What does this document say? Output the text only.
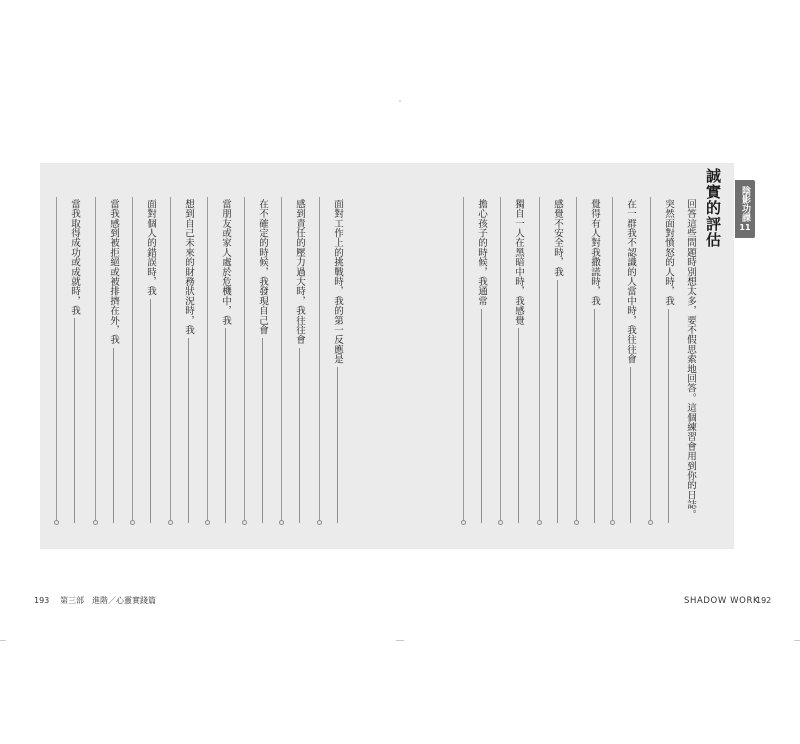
陰影功課
11
誠實的評估
回答這些問題時別想太多，要不假思索地回答。這個練習會用到你的日誌。
突然面對憤怒的人時，我
在一群我不認識的人當中時，我往往會
覺得有人對我撒謊時，我
感覺不安全時，我
獨自一人在黑暗中時，我感覺
擔心孩子的時候，我通常
面對工作上的挑戰時，我的第一反應是
感到責任的壓力過大時，我往往會
在不確定的時候，我發現自己會
當朋友或家人處於危機中，我
想到自己未來的財務狀況時，我
面對個人的錯誤時，我
當我感到被拒絕或被排擠在外，我
當我取得成功或成就時，我
193 第三部　進階／心靈實踐篇	SHADOW WORK
192
